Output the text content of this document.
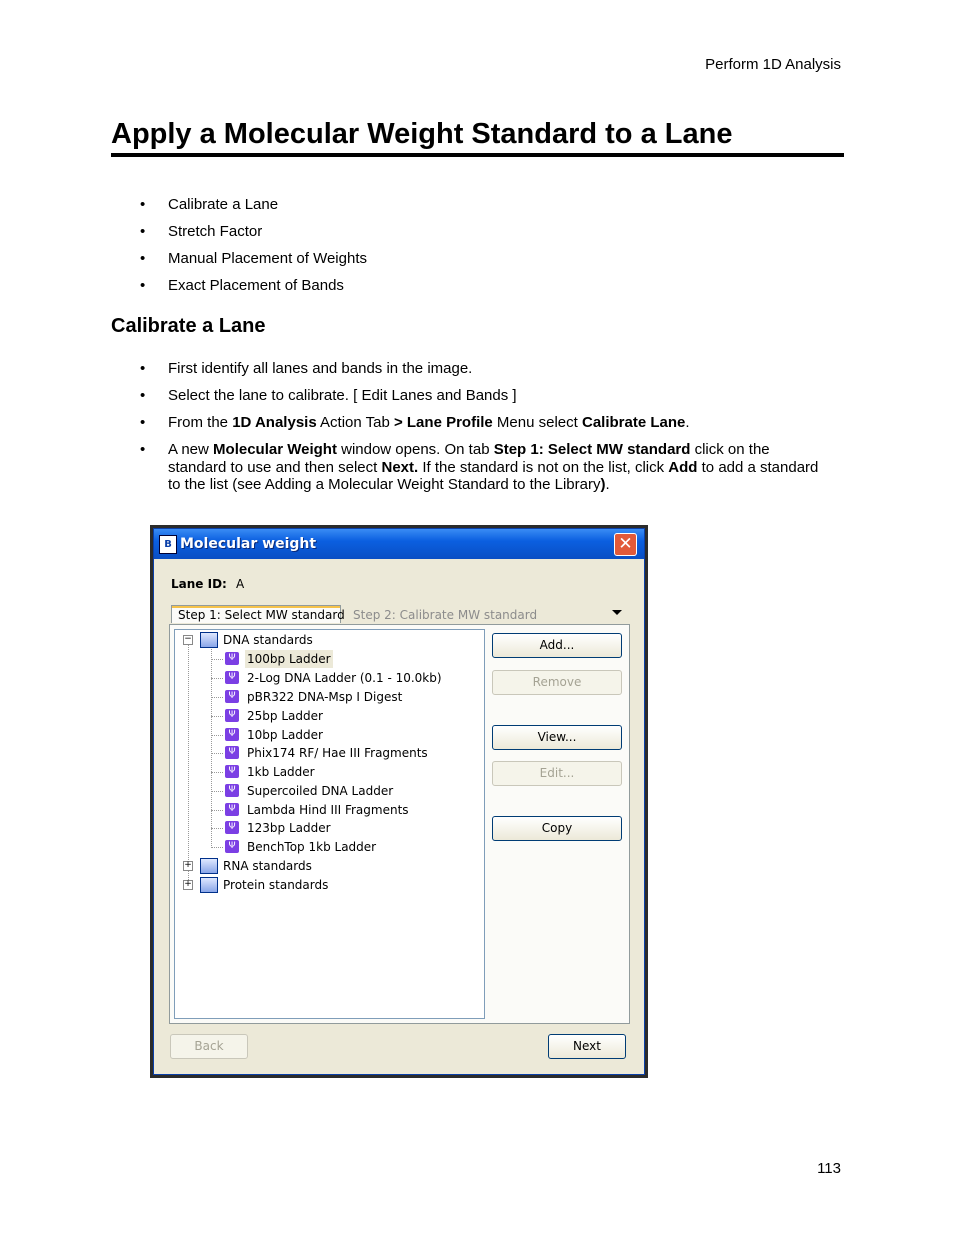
Perform 1D Analysis
Apply a Molecular Weight Standard to a Lane
• Calibrate a Lane
• Stretch Factor
• Manual Placement of Weights
• Exact Placement of Bands
Calibrate a Lane
• First identify all lanes and bands in the image.
• Select the lane to calibrate. [ Edit Lanes and Bands ]
• From the 1D Analysis Action Tab > Lane Profile Menu select Calibrate Lane.
• A new Molecular Weight window opens. On tab Step 1: Select MW standard click on the standard to use and then select Next. If the standard is not on the list, click Add to add a standard to the list (see Adding a Molecular Weight Standard to the Library).
B Molecular weight	✕
Lane ID: A
Step 1: Select MW standard Step 2: Calibrate MW standard
−	DNA standards
Ψ 100bp Ladder
Ψ 2-Log DNA Ladder (0.1 - 10.0kb)
Ψ pBR322 DNA-Msp I Digest
Ψ 25bp Ladder
Ψ 10bp Ladder
Ψ Phix174 RF/ Hae III Fragments
Ψ 1kb Ladder
Ψ Supercoiled DNA Ladder
Ψ Lambda Hind III Fragments
Ψ 123bp Ladder
Ψ BenchTop 1kb Ladder
+	RNA standards
+	Protein standards
Add...
Remove
View...
Edit...
Copy
Back	Next
113
